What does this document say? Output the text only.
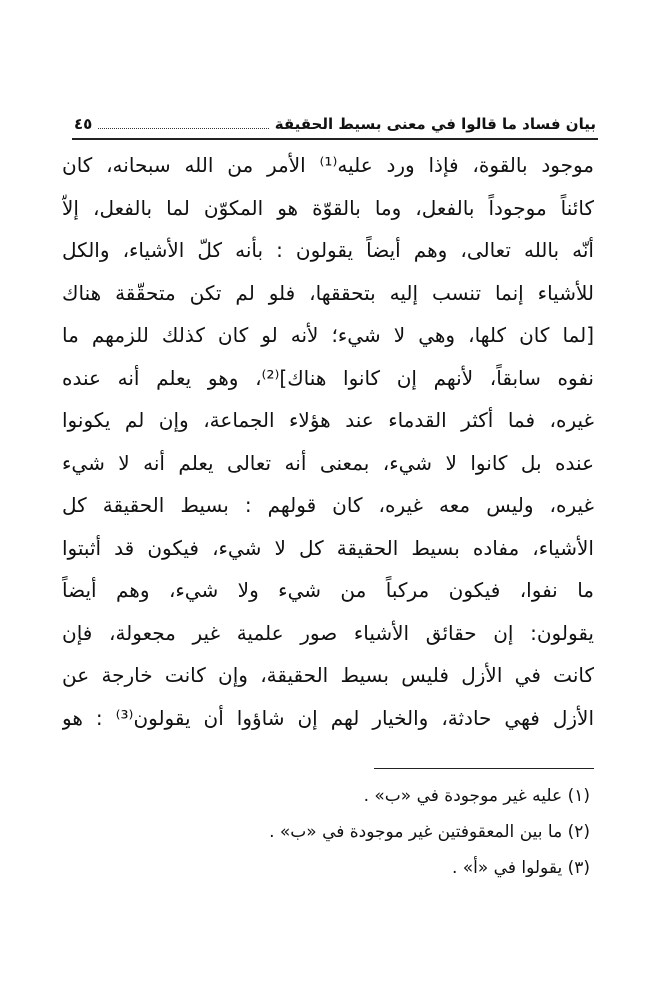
بيان فساد ما قالوا في معنى بسيط الحقيقة
٤٥
موجود بالقوة، فإذا ورد عليه⁽¹⁾ الأمر من الله سبحانه، كان
كائناً موجوداً بالفعل، وما بالقوّة هو المكوّن لما بالفعل، إلاّ
أنّه بالله تعالى، وهم أيضاً يقولون : بأنه كلّ الأشياء، والكل
للأشياء إنما تنسب إليه بتحققها، فلو لم تكن متحقّقة هناك
[لما كان كلها، وهي لا شيء؛ لأنه لو كان كذلك للزمهم ما
نفوه سابقاً، لأنهم إن كانوا هناك]⁽²⁾، وهو يعلم أنه عنده
غيره، فما أكثر القدماء عند هؤلاء الجماعة، وإن لم يكونوا
عنده بل كانوا لا شيء، بمعنى أنه تعالى يعلم أنه لا شيء
غيره، وليس معه غيره، كان قولهم : بسيط الحقيقة كل
الأشياء، مفاده بسيط الحقيقة كل لا شيء، فيكون قد أثبتوا
ما نفوا، فيكون مركباً من شيء ولا شيء، وهم أيضاً
يقولون: إن حقائق الأشياء صور علمية غير مجعولة، فإن
كانت في الأزل فليس بسيط الحقيقة، وإن كانت خارجة عن
الأزل فهي حادثة، والخيار لهم إن شاؤوا أن يقولون⁽³⁾ : هو
(١) عليه غير موجودة في «ب» .
(٢) ما بين المعقوفتين غير موجودة في «ب» .
(٣) يقولوا في «أ» .
